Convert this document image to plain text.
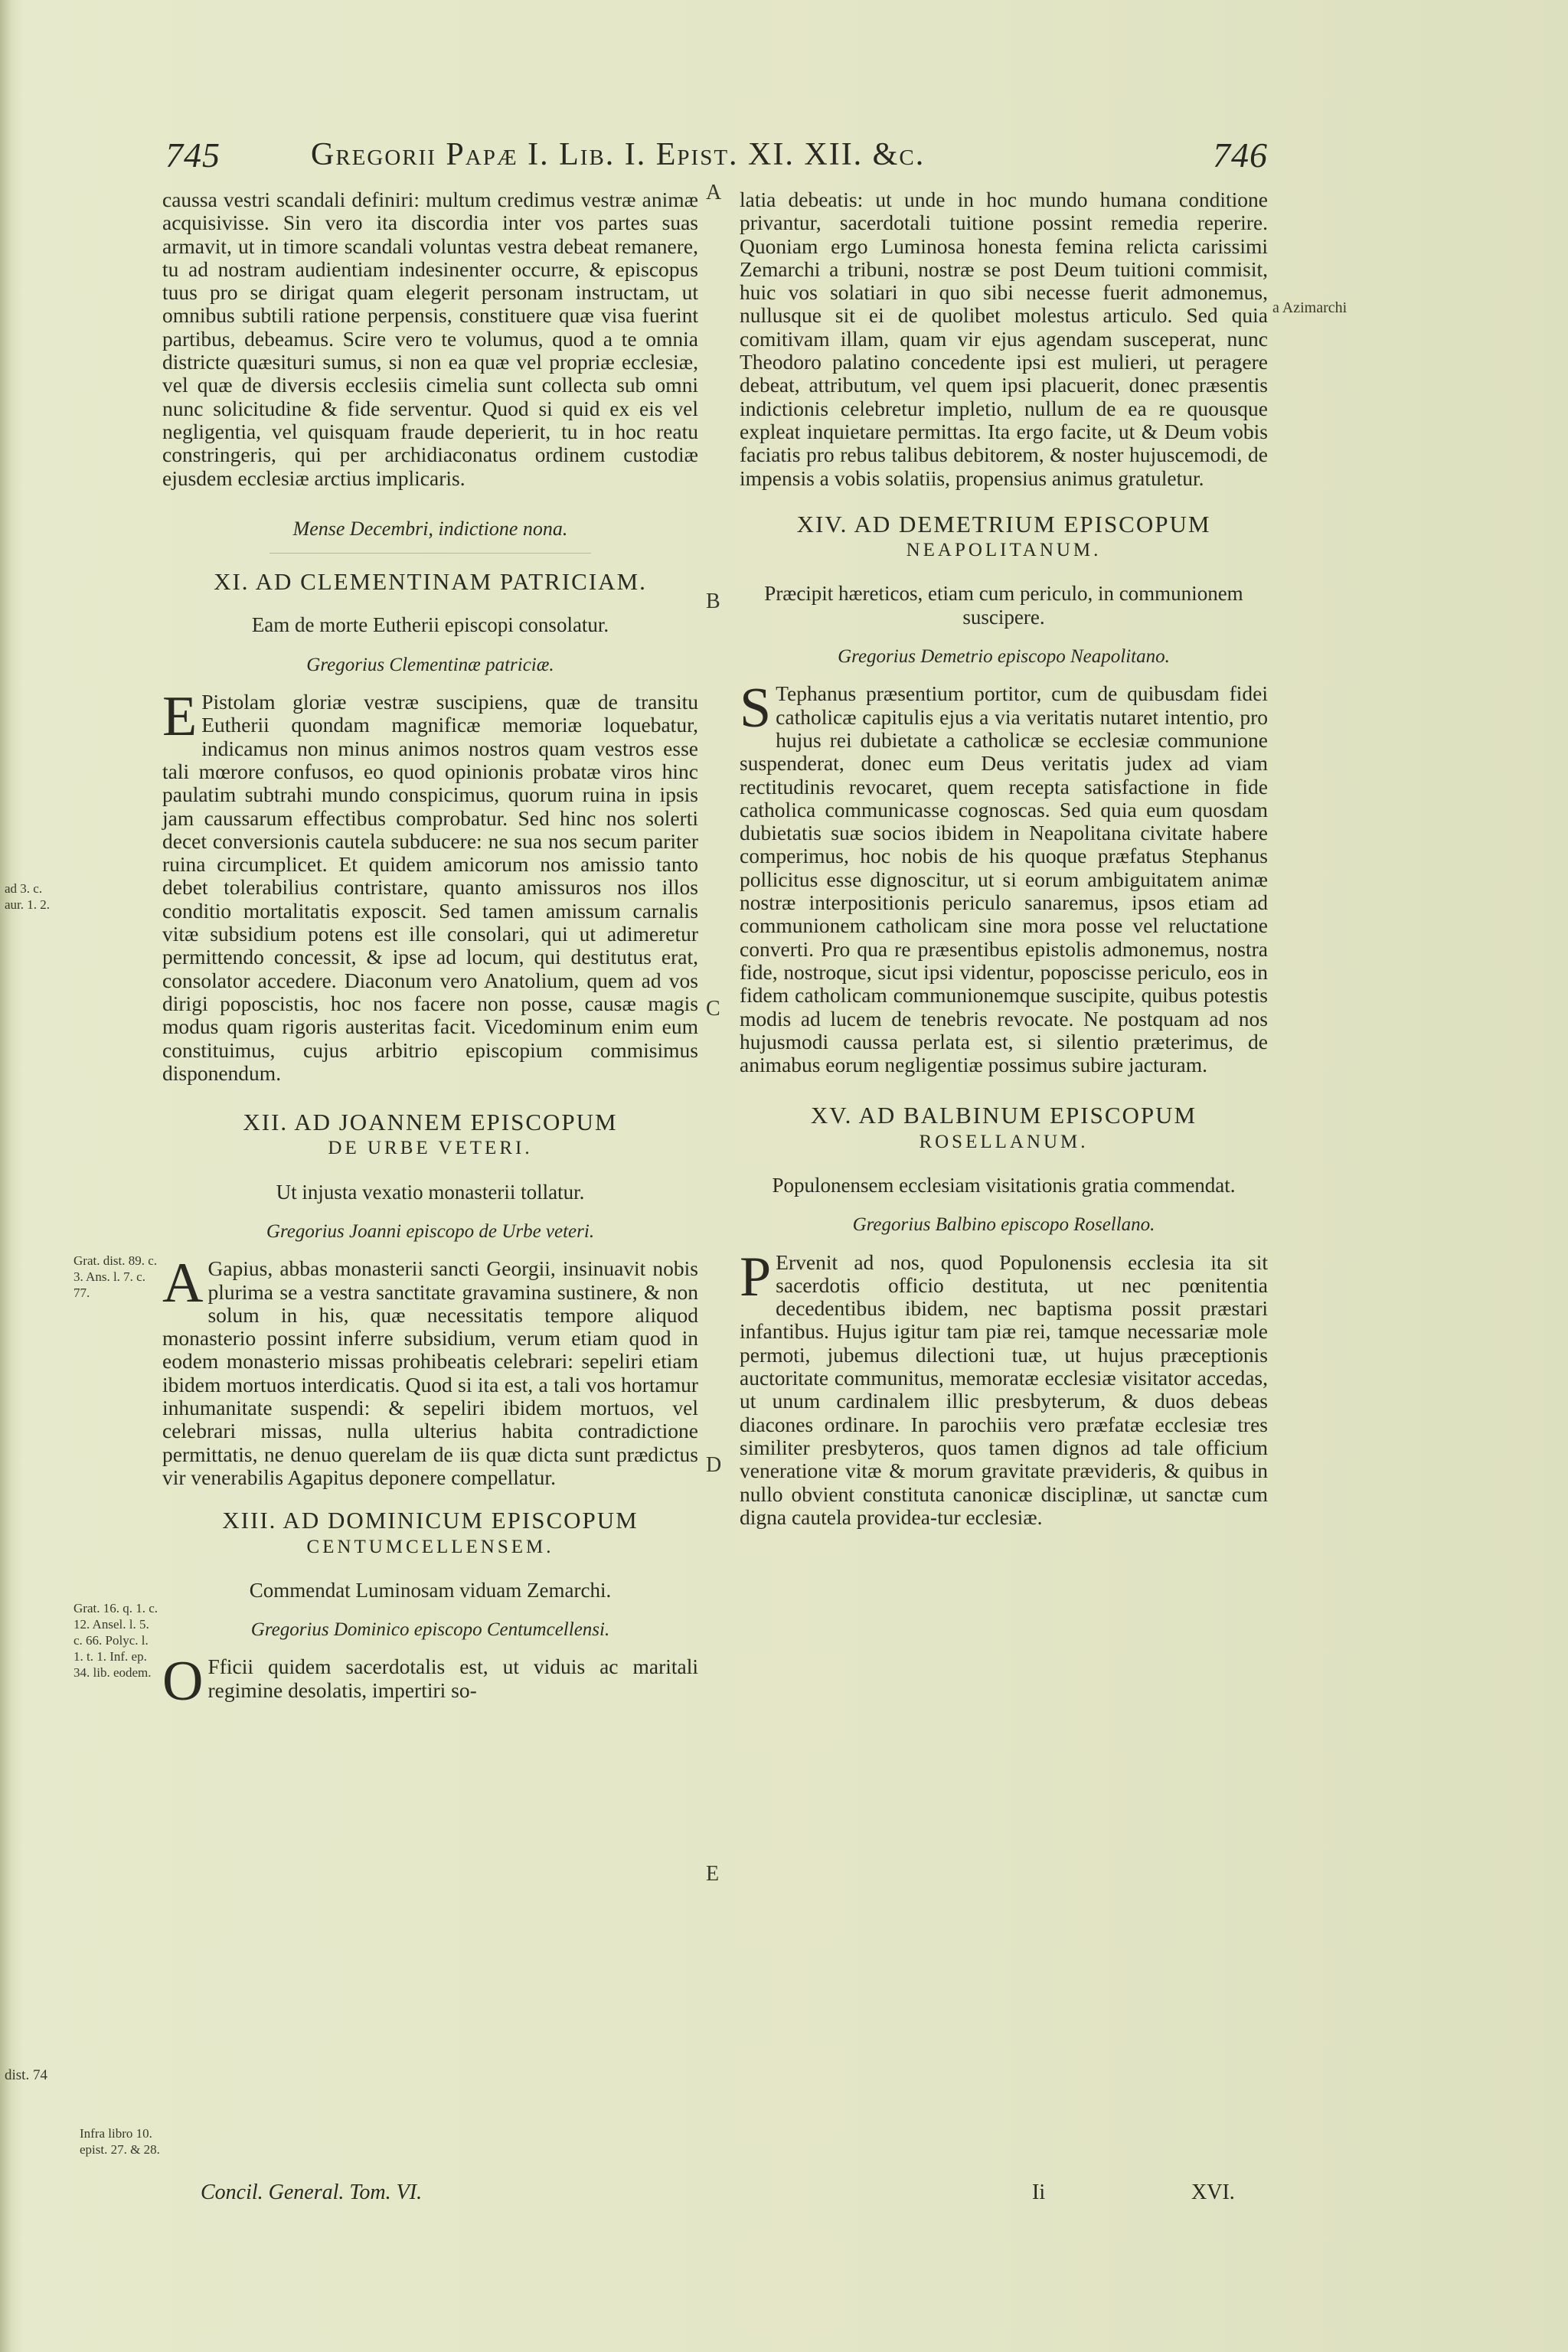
745	Gregorii Papæ I. Lib. I. Epist. XI. XII. &c.	746
A
B
C
D
E
ad 3. c. aur. 1. 2.
Grat. dist. 89. c. 3. Ans. l. 7. c. 77.
Grat. 16. q. 1. c. 12. Ansel. l. 5. c. 66. Polyc. l. 1. t. 1. Inf. ep. 34. lib. eodem.
dist. 74
Infra libro 10. epist. 27. & 28.
a Azimarchi

caussa vestri scandali definiri: multum credimus vestræ animæ acquisivisse. Sin vero ita discordia inter vos partes suas armavit, ut in timore scandali voluntas vestra debeat remanere, tu ad nostram audientiam indesinenter occurre, & episcopus tuus pro se dirigat quam elegerit personam instructam, ut omnibus subtili ratione perpensis, constituere quæ visa fuerint partibus, debeamus. Scire vero te volumus, quod a te omnia districte quæsituri sumus, si non ea quæ vel propriæ ecclesiæ, vel quæ de diversis ecclesiis cimelia sunt collecta sub omni nunc solicitudine & fide serventur. Quod si quid ex eis vel negligentia, vel quisquam fraude deperierit, tu in hoc reatu constringeris, qui per archidiaconatus ordinem custodiæ ejusdem ecclesiæ arctius implicaris.

Mense Decembri, indictione nona.
XI. AD CLEMENTINAM PATRICIAM.
Eam de morte Eutherii episcopi consolatur.
Gregorius Clementinæ patriciæ.

E Pistolam gloriæ vestræ suscipiens, quæ de transitu Eutherii quondam magnificæ memoriæ loquebatur, indicamus non minus animos nostros quam vestros esse tali mœrore confusos, eo quod opinionis probatæ viros hinc paulatim subtrahi mundo conspicimus, quorum ruina in ipsis jam caussarum effectibus comprobatur. Sed hinc nos solerti decet conversionis cautela subducere: ne sua nos secum pariter ruina circumplicet. Et quidem amicorum nos amissio tanto debet tolerabilius contristare, quanto amissuros nos illos conditio mortalitatis exposcit. Sed tamen amissum carnalis vitæ subsidium potens est ille consolari, qui ut adimeretur permittendo concessit, & ipse ad locum, qui destitutus erat, consolator accedere. Diaconum vero Anatolium, quem ad vos dirigi poposcistis, hoc nos facere non posse, causæ magis modus quam rigoris austeritas facit. Vicedominum enim eum constituimus, cujus arbitrio episcopium commisimus disponendum.

XII. AD JOANNEM EPISCOPUM
DE URBE VETERI.
Ut injusta vexatio monasterii tollatur.
Gregorius Joanni episcopo de Urbe veteri.

A Gapius, abbas monasterii sancti Georgii, insinuavit nobis plurima se a vestra sanctitate gravamina sustinere, & non solum in his, quæ necessitatis tempore aliquod monasterio possint inferre subsidium, verum etiam quod in eodem monasterio missas prohibeatis celebrari: sepeliri etiam ibidem mortuos interdicatis. Quod si ita est, a tali vos hortamur inhumanitate suspendi: & sepeliri ibidem mortuos, vel celebrari missas, nulla ulterius habita contradictione permittatis, ne denuo querelam de iis quæ dicta sunt prædictus vir venerabilis Agapitus deponere compellatur.

XIII. AD DOMINICUM EPISCOPUM
CENTUMCELLENSEM.
Commendat Luminosam viduam Zemarchi.
Gregorius Dominico episcopo Centumcellensi.

O Fficii quidem sacerdotalis est, ut viduis ac maritali regimine desolatis, impertiri so-

latia debeatis: ut unde in hoc mundo humana conditione privantur, sacerdotali tuitione possint remedia reperire. Quoniam ergo Luminosa honesta femina relicta carissimi Zemarchi a tribuni, nostræ se post Deum tuitioni commisit, huic vos solatiari in quo sibi necesse fuerit admonemus, nullusque sit ei de quolibet molestus articulo. Sed quia comitivam illam, quam vir ejus agendam susceperat, nunc Theodoro palatino concedente ipsi est mulieri, ut peragere debeat, attributum, vel quem ipsi placuerit, donec præsentis indictionis celebretur impletio, nullum de ea re quousque expleat inquietare permittas. Ita ergo facite, ut & Deum vobis faciatis pro rebus talibus debitorem, & noster hujuscemodi, de impensis a vobis solatiis, propensius animus gratuletur.

XIV. AD DEMETRIUM EPISCOPUM
NEAPOLITANUM.
Præcipit hæreticos, etiam cum periculo, in communionem suscipere.
Gregorius Demetrio episcopo Neapolitano.

S Tephanus præsentium portitor, cum de quibusdam fidei catholicæ capitulis ejus a via veritatis nutaret intentio, pro hujus rei dubietate a catholicæ se ecclesiæ communione suspenderat, donec eum Deus veritatis judex ad viam rectitudinis revocaret, quem recepta satisfactione in fide catholica communicasse cognoscas. Sed quia eum quosdam dubietatis suæ socios ibidem in Neapolitana civitate habere comperimus, hoc nobis de his quoque præfatus Stephanus pollicitus esse dignoscitur, ut si eorum ambiguitatem animæ nostræ interpositionis periculo sanaremus, ipsos etiam ad communionem catholicam sine mora posse vel reluctatione converti. Pro qua re præsentibus epistolis admonemus, nostra fide, nostroque, sicut ipsi videntur, poposcisse periculo, eos in fidem catholicam communionemque suscipite, quibus potestis modis ad lucem de tenebris revocate. Ne postquam ad nos hujusmodi caussa perlata est, si silentio præterimus, de animabus eorum negligentiæ possimus subire jacturam.

XV. AD BALBINUM EPISCOPUM
ROSELLANUM.
Populonensem ecclesiam visitationis gratia commendat.
Gregorius Balbino episcopo Rosellano.

P Ervenit ad nos, quod Populonensis ecclesia ita sit sacerdotis officio destituta, ut nec pœnitentia decedentibus ibidem, nec baptisma possit præstari infantibus. Hujus igitur tam piæ rei, tamque necessariæ mole permoti, jubemus dilectioni tuæ, ut hujus præceptionis auctoritate communitus, memoratæ ecclesiæ visitator accedas, ut unum cardinalem illic presbyterum, & duos debeas diacones ordinare. In parochiis vero præfatæ ecclesiæ tres similiter presbyteros, quos tamen dignos ad tale officium venerationе vitæ & morum gravitate prævideris, & quibus in nullo obvient constituta canonicæ disciplinæ, ut sanctæ cum digna cautela providea-tur ecclesiæ.

Concil. General. Tom. VI.	Ii	XVI.
